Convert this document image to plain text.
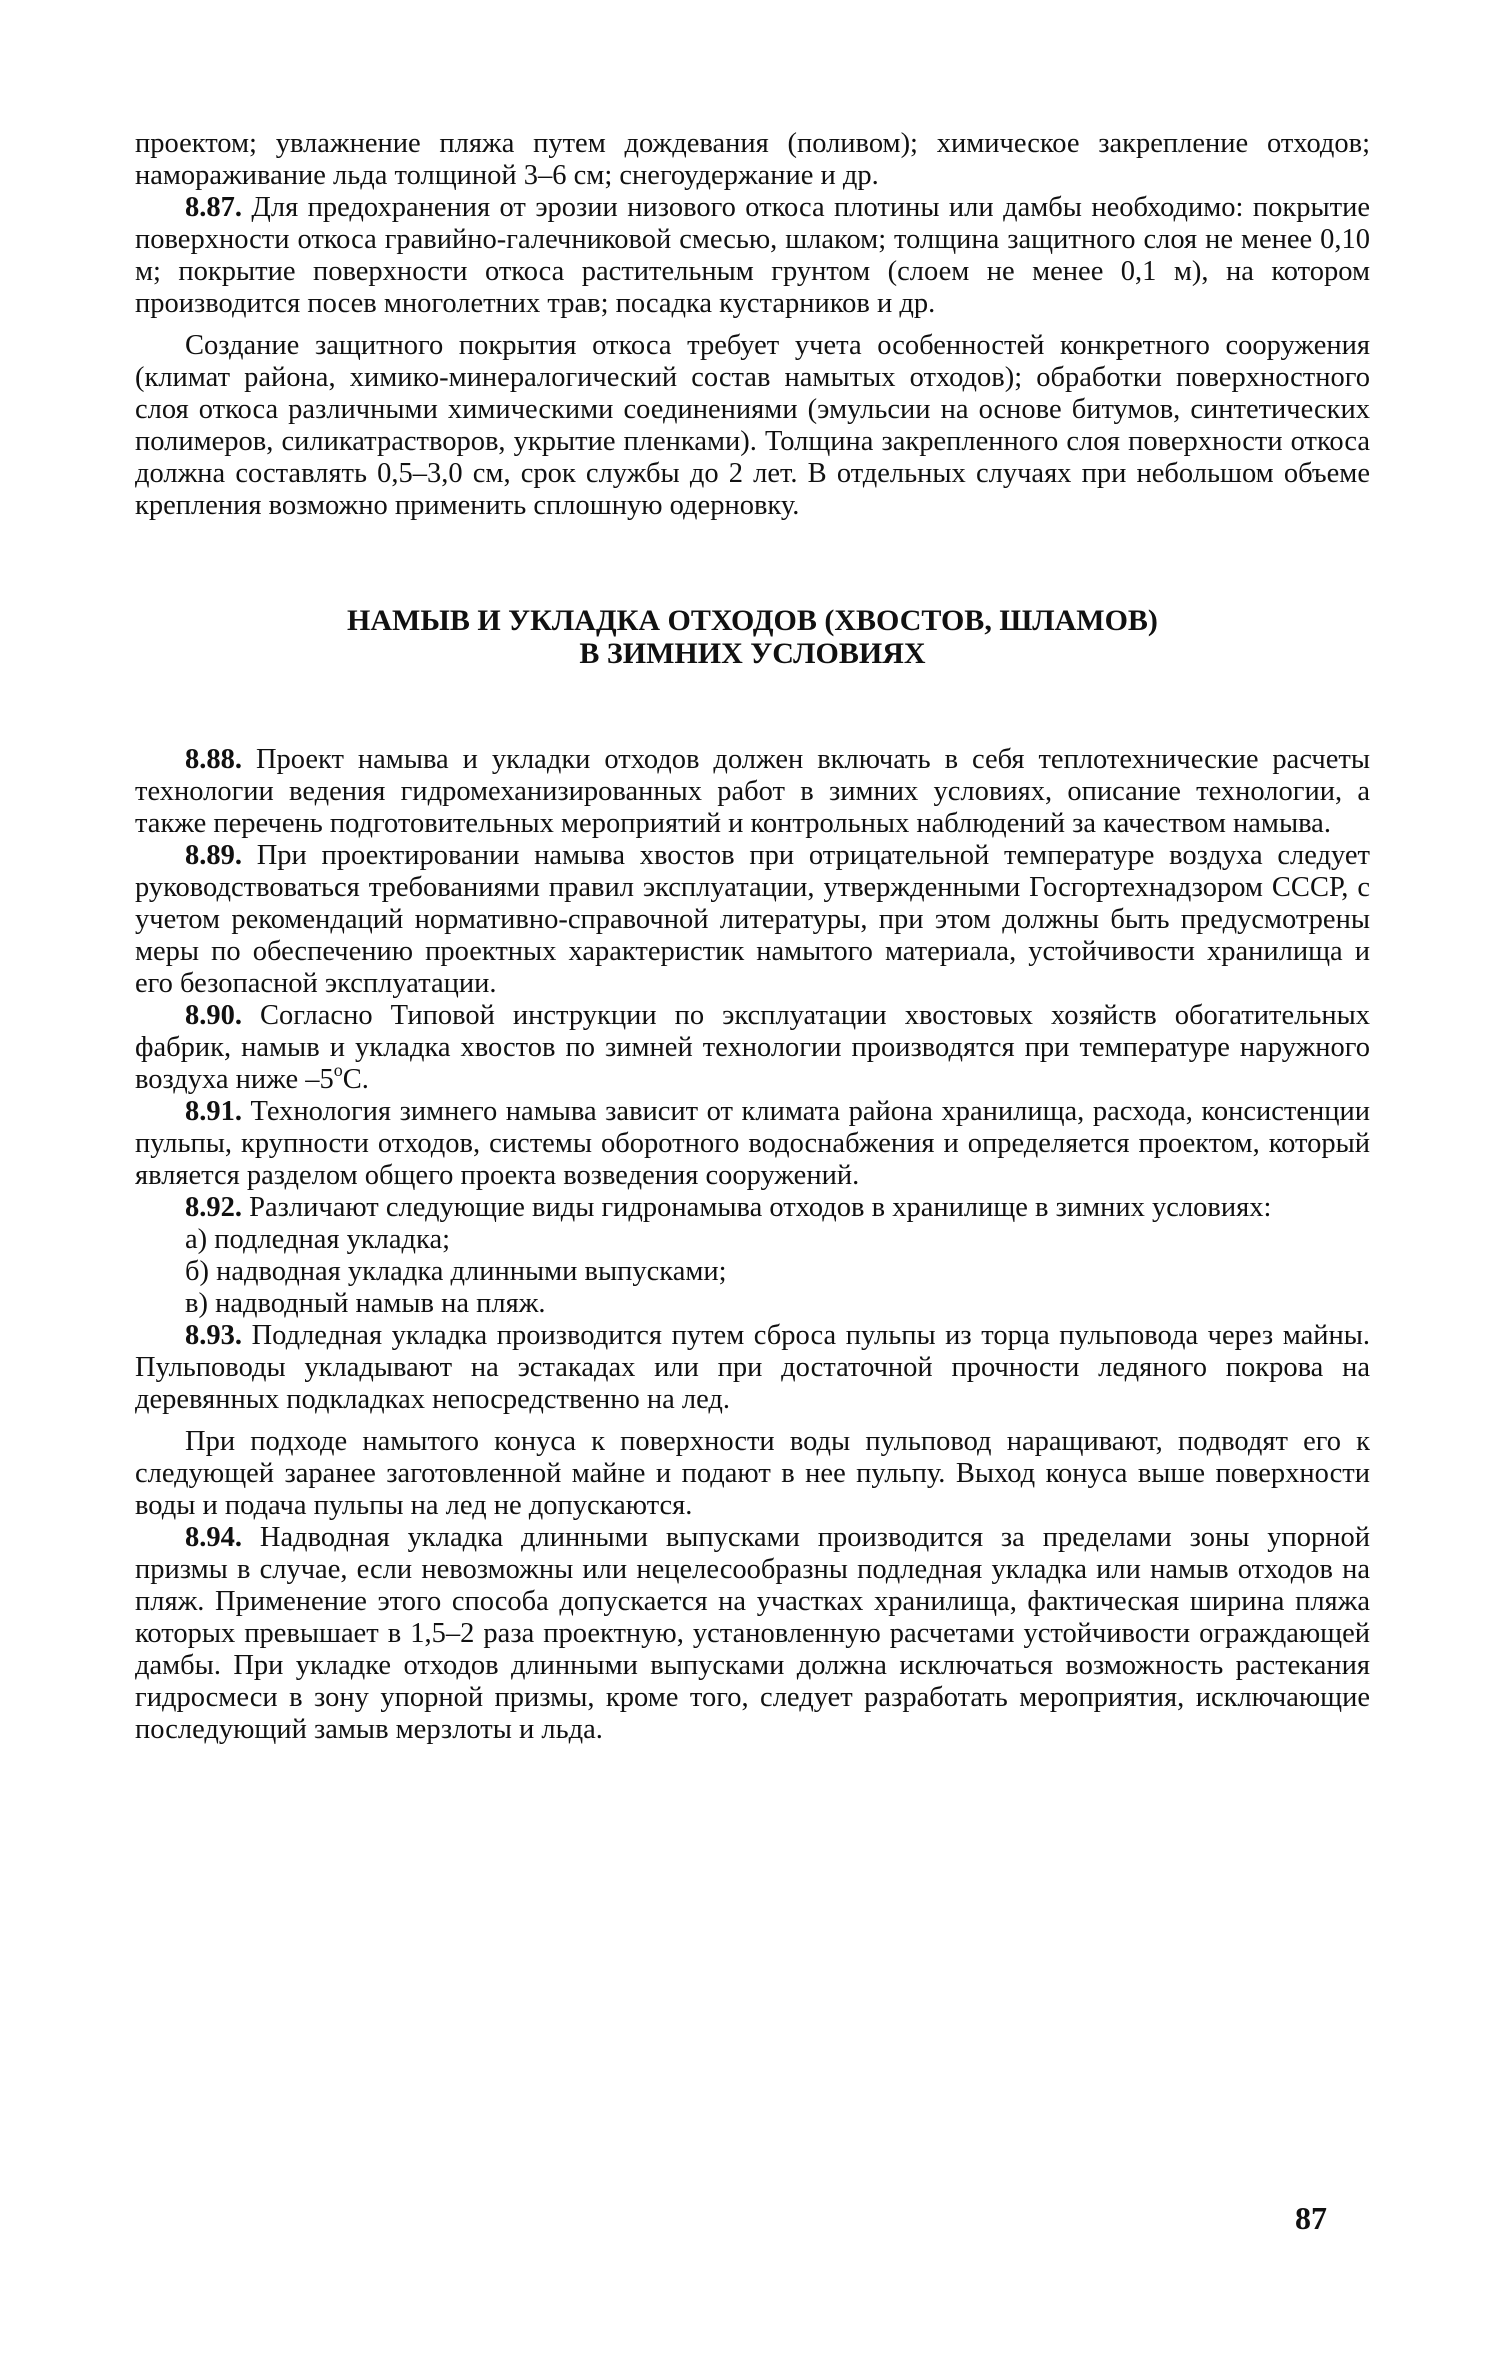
проектом; увлажнение пляжа путем дождевания (поливом); химическое закрепление отходов; намораживание льда толщиной 3–6 см; снегоудержание и др.

8.87. Для предохранения от эрозии низового откоса плотины или дамбы необходимо: покрытие поверхности откоса гравийно-галечниковой смесью, шлаком; толщина защитного слоя не менее 0,10 м; покрытие поверхности откоса растительным грунтом (слоем не менее 0,1 м), на котором производится посев многолетних трав; посадка кустарников и др.

Создание защитного покрытия откоса требует учета особенностей конкретного сооружения (климат района, химико-минералогический состав намытых отходов); обработки поверхностного слоя откоса различными химическими соединениями (эмульсии на основе битумов, синтетических полимеров, силикатрастворов, укрытие пленками). Толщина закрепленного слоя поверхности откоса должна составлять 0,5–3,0 см, срок службы до 2 лет. В отдельных случаях при небольшом объеме крепления возможно применить сплошную одерновку.

НАМЫВ И УКЛАДКА ОТХОДОВ (ХВОСТОВ, ШЛАМОВ)
В ЗИМНИХ УСЛОВИЯХ

8.88. Проект намыва и укладки отходов должен включать в себя теплотехнические расчеты технологии ведения гидромеханизированных работ в зимних условиях, описание технологии, а также перечень подготовительных мероприятий и контрольных наблюдений за качеством намыва.

8.89. При проектировании намыва хвостов при отрицательной температуре воздуха следует руководствоваться требованиями правил эксплуатации, утвержденными Госгортехнадзором СССР, с учетом рекомендаций нормативно-справочной литературы, при этом должны быть предусмотрены меры по обеспечению проектных характеристик намытого материала, устойчивости хранилища и его безопасной эксплуатации.

8.90. Согласно Типовой инструкции по эксплуатации хвостовых хозяйств обогатительных фабрик, намыв и укладка хвостов по зимней технологии производятся при температуре наружного воздуха ниже $-5^оС$.

8.91. Технология зимнего намыва зависит от климата района хранилища, расхода, консистенции пульпы, крупности отходов, системы оборотного водоснабжения и определяется проектом, который является разделом общего проекта возведения сооружений.

8.92. Различают следующие виды гидронамыва отходов в хранилище в зимних условиях:

а) подледная укладка;

б) надводная укладка длинными выпусками;

в) надводный намыв на пляж.

8.93. Подледная укладка производится путем сброса пульпы из торца пульповода через майны. Пульповоды укладывают на эстакадах или при достаточной прочности ледяного покрова на деревянных подкладках непосредственно на лед.

При подходе намытого конуса к поверхности воды пульповод наращивают, подводят его к следующей заранее заготовленной майне и подают в нее пульпу. Выход конуса выше поверхности воды и подача пульпы на лед не допускаются.

8.94. Надводная укладка длинными выпусками производится за пределами зоны упорной призмы в случае, если невозможны или нецелесообразны подледная укладка или намыв отходов на пляж. Применение этого способа допускается на участках хранилища, фактическая ширина пляжа которых превышает в 1,5–2 раза проектную, установленную расчетами устойчивости ограждающей дамбы. При укладке отходов длинными выпусками должна исключаться возможность растекания гидросмеси в зону упорной призмы, кроме того, следует разработать мероприятия, исключающие последующий замыв мерзлоты и льда.

87
